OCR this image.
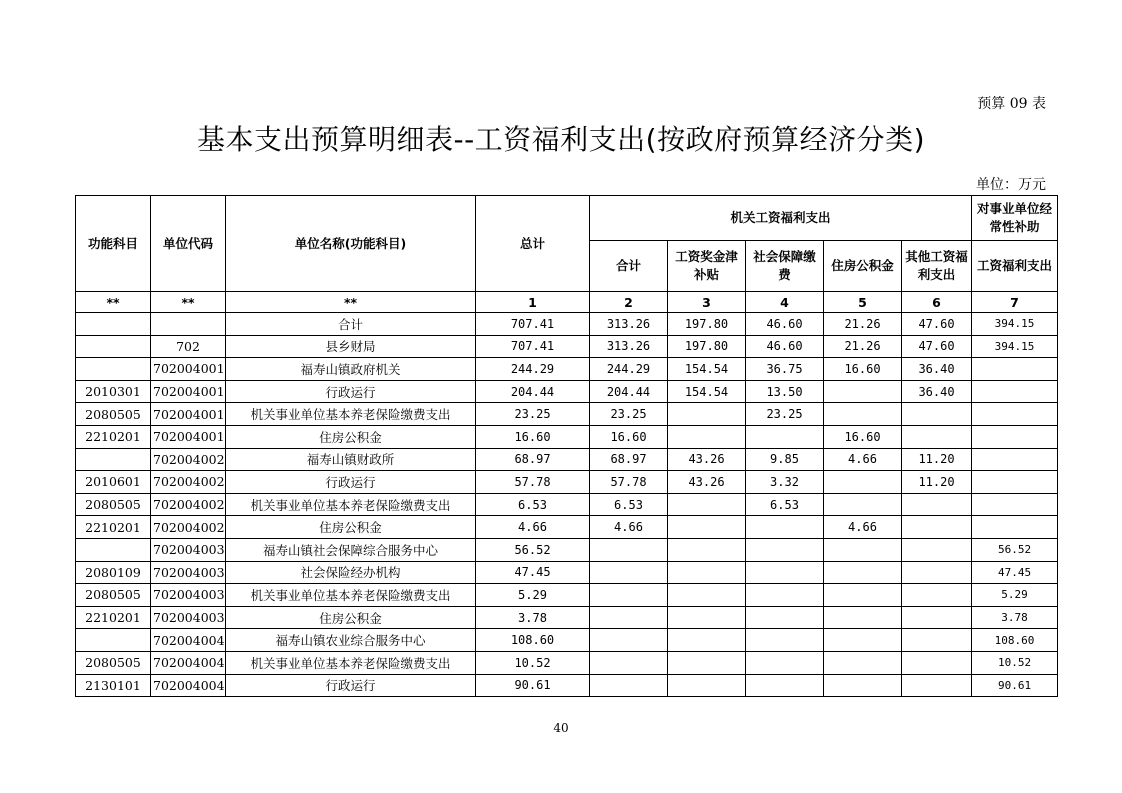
预算 09 表
基本支出预算明细表--工资福利支出(按政府预算经济分类)
单位：万元
功能科目	单位代码	单位名称(功能科目)	总计	机关工资福利支出					对事业单位经常性补助
				合计	工资奖金津补贴	社会保障缴费	住房公积金	其他工资福利支出	工资福利支出
**	**	**	1	2	3	4	5	6	7
		合计	707.41	313.26	197.80	46.60	21.26	47.60	394.15
	702	县乡财局	707.41	313.26	197.80	46.60	21.26	47.60	394.15
	702004001	福寿山镇政府机关	244.29	244.29	154.54	36.75	16.60	36.40	
2010301	702004001	行政运行	204.44	204.44	154.54	13.50		36.40	
2080505	702004001	机关事业单位基本养老保险缴费支出	23.25	23.25		23.25			
2210201	702004001	住房公积金	16.60	16.60			16.60		
	702004002	福寿山镇财政所	68.97	68.97	43.26	9.85	4.66	11.20	
2010601	702004002	行政运行	57.78	57.78	43.26	3.32		11.20	
2080505	702004002	机关事业单位基本养老保险缴费支出	6.53	6.53		6.53			
2210201	702004002	住房公积金	4.66	4.66			4.66		
	702004003	福寿山镇社会保障综合服务中心	56.52						56.52
2080109	702004003	社会保险经办机构	47.45						47.45
2080505	702004003	机关事业单位基本养老保险缴费支出	5.29						5.29
2210201	702004003	住房公积金	3.78						3.78
	702004004	福寿山镇农业综合服务中心	108.60						108.60
2080505	702004004	机关事业单位基本养老保险缴费支出	10.52						10.52
2130101	702004004	行政运行	90.61						90.61
40
